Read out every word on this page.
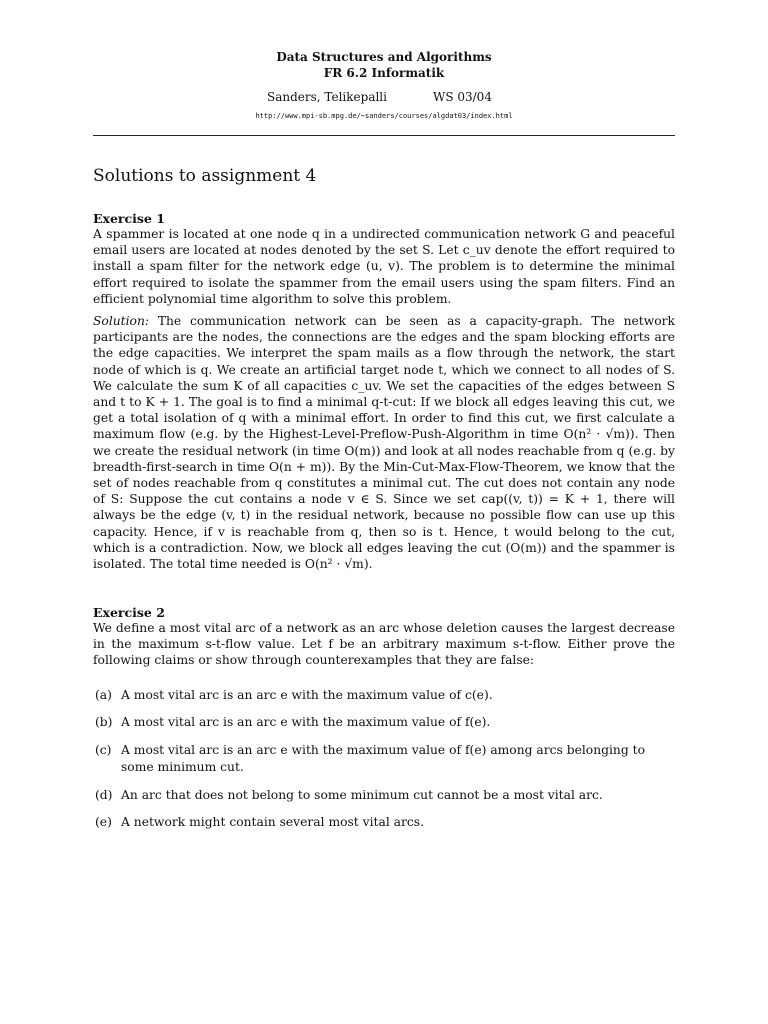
Data Structures and Algorithms
FR 6.2 Informatik
Sanders, Telikepalli	WS 03/04
http://www.mpi-sb.mpg.de/~sanders/courses/algdat03/index.html
Solutions to assignment 4
Exercise 1

A spammer is located at one node q in a undirected communication network G and peaceful email users are located at nodes denoted by the set S. Let c_uv denote the effort required to install a spam filter for the network edge (u, v). The problem is to determine the minimal effort required to isolate the spammer from the email users using the spam filters. Find an efficient polynomial time algorithm to solve this problem.

Solution: The communication network can be seen as a capacity-graph. The network participants are the nodes, the connections are the edges and the spam blocking efforts are the edge capacities. We interpret the spam mails as a flow through the network, the start node of which is q. We create an artificial target node t, which we connect to all nodes of S. We calculate the sum K of all capacities c_uv. We set the capacities of the edges between S and t to K + 1. The goal is to find a minimal q-t-cut: If we block all edges leaving this cut, we get a total isolation of q with a minimal effort. In order to find this cut, we first calculate a maximum flow (e.g. by the Highest-Level-Preflow-Push-Algorithm in time O(n² · √m)). Then we create the residual network (in time O(m)) and look at all nodes reachable from q (e.g. by breadth-first-search in time O(n + m)). By the Min-Cut-Max-Flow-Theorem, we know that the set of nodes reachable from q constitutes a minimal cut. The cut does not contain any node of S: Suppose the cut contains a node v ∈ S. Since we set cap((v, t)) = K + 1, there will always be the edge (v, t) in the residual network, because no possible flow can use up this capacity. Hence, if v is reachable from q, then so is t. Hence, t would belong to the cut, which is a contradiction. Now, we block all edges leaving the cut (O(m)) and the spammer is isolated. The total time needed is O(n² · √m).

Exercise 2

We define a most vital arc of a network as an arc whose deletion causes the largest decrease in the maximum s-t-flow value. Let f be an arbitrary maximum s-t-flow. Either prove the following claims or show through counterexamples that they are false:

(a) A most vital arc is an arc e with the maximum value of c(e).
(b) A most vital arc is an arc e with the maximum value of f(e).
(c) A most vital arc is an arc e with the maximum value of f(e) among arcs belonging to some minimum cut.
(d) An arc that does not belong to some minimum cut cannot be a most vital arc.
(e) A network might contain several most vital arcs.
